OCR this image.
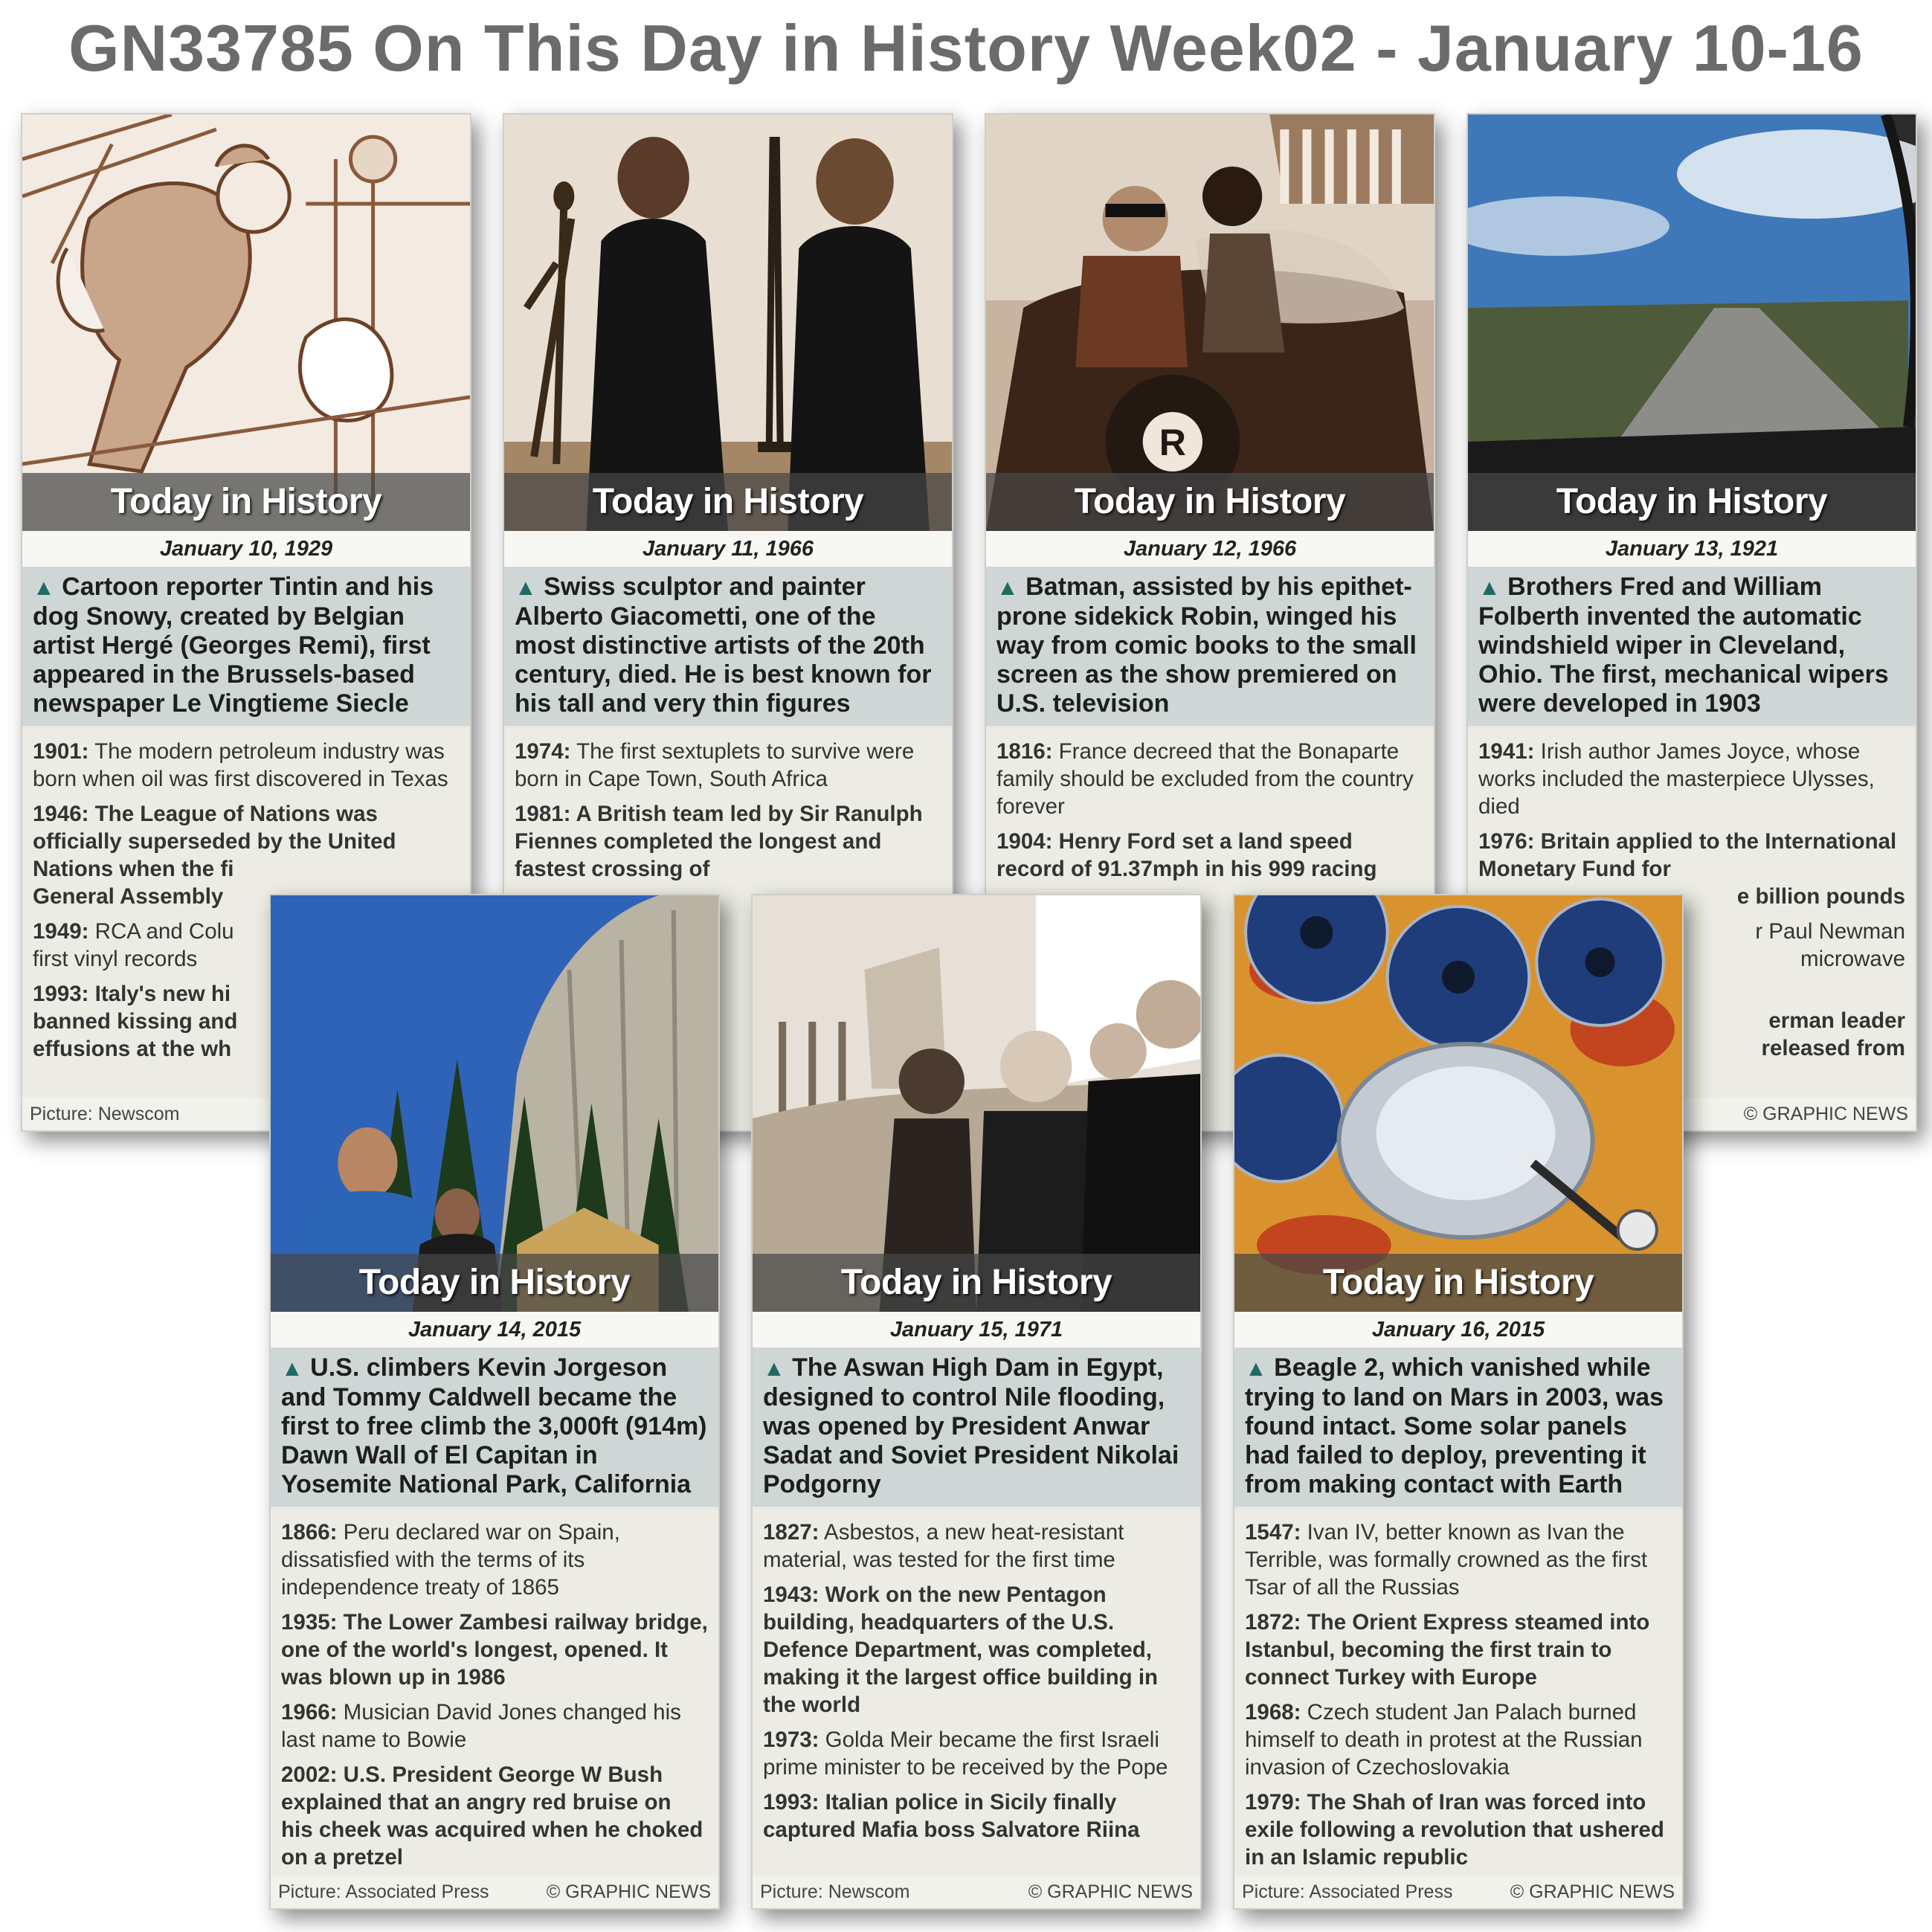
GN33785 On This Day in History Week02 - January 10-16
Today in History
January 10, 1929
▲ Cartoon reporter Tintin and his dog Snowy, created by Belgian artist Hergé (Georges Remi), first appeared in the Brussels-based newspaper Le Vingtieme Siecle
1901: The modern petroleum industry was born when oil was first discovered in Texas
1946: The League of Nations was officially superseded by the United Nations when the fi
General Assembly
1949: RCA and Colu
first vinyl records
1993: Italy's new hi
banned kissing and
effusions at the wh
Picture: Newscom
Today in History
January 11, 1966
▲ Swiss sculptor and painter Alberto Giacometti, one of the most distinctive artists of the 20th century, died. He is best known for his tall and very thin figures
1974: The first sextuplets to survive were born in Cape Town, South Africa
1981: A British team led by Sir Ranulph Fiennes completed the longest and fastest crossing of
R
Today in History
January 12, 1966
▲ Batman, assisted by his epithet-prone sidekick Robin, winged his way from comic books to the small screen as the show premiered on U.S. television
1816: France decreed that the Bonaparte family should be excluded from the country forever
1904: Henry Ford set a land speed record of 91.37mph in his 999 racing
Today in History
January 13, 1921
▲ Brothers Fred and William Folberth invented the automatic windshield wiper in Cleveland, Ohio. The first, mechanical wipers were developed in 1903
1941: Irish author James Joyce, whose works included the masterpiece Ulysses, died
1976: Britain applied to the International Monetary Fund for
e billion pounds
r Paul Newman
microwave
erman leader
released from
© GRAPHIC NEWS
Today in History
January 14, 2015
▲ U.S. climbers Kevin Jorgeson and Tommy Caldwell became the first to free climb the 3,000ft (914m) Dawn Wall of El Capitan in Yosemite National Park, California
1866: Peru declared war on Spain, dissatisfied with the terms of its independence treaty of 1865
1935: The Lower Zambesi railway bridge, one of the world's longest, opened. It was blown up in 1986
1966: Musician David Jones changed his last name to Bowie
2002: U.S. President George W Bush explained that an angry red bruise on his cheek was acquired when he choked on a pretzel
Picture: Associated Press	© GRAPHIC NEWS
Today in History
January 15, 1971
▲ The Aswan High Dam in Egypt, designed to control Nile flooding, was opened by President Anwar Sadat and Soviet President Nikolai Podgorny
1827: Asbestos, a new heat-resistant material, was tested for the first time
1943: Work on the new Pentagon building, headquarters of the U.S. Defence Department, was completed, making it the largest office building in the world
1973: Golda Meir became the first Israeli prime minister to be received by the Pope
1993: Italian police in Sicily finally captured Mafia boss Salvatore Riina
Picture: Newscom	© GRAPHIC NEWS
Today in History
January 16, 2015
▲ Beagle 2, which vanished while trying to land on Mars in 2003, was found intact. Some solar panels had failed to deploy, preventing it from making contact with Earth
1547: Ivan IV, better known as Ivan the Terrible, was formally crowned as the first Tsar of all the Russias
1872: The Orient Express steamed into Istanbul, becoming the first train to connect Turkey with Europe
1968: Czech student Jan Palach burned himself to death in protest at the Russian invasion of Czechoslovakia
1979: The Shah of Iran was forced into exile following a revolution that ushered in an Islamic republic
Picture: Associated Press	© GRAPHIC NEWS
